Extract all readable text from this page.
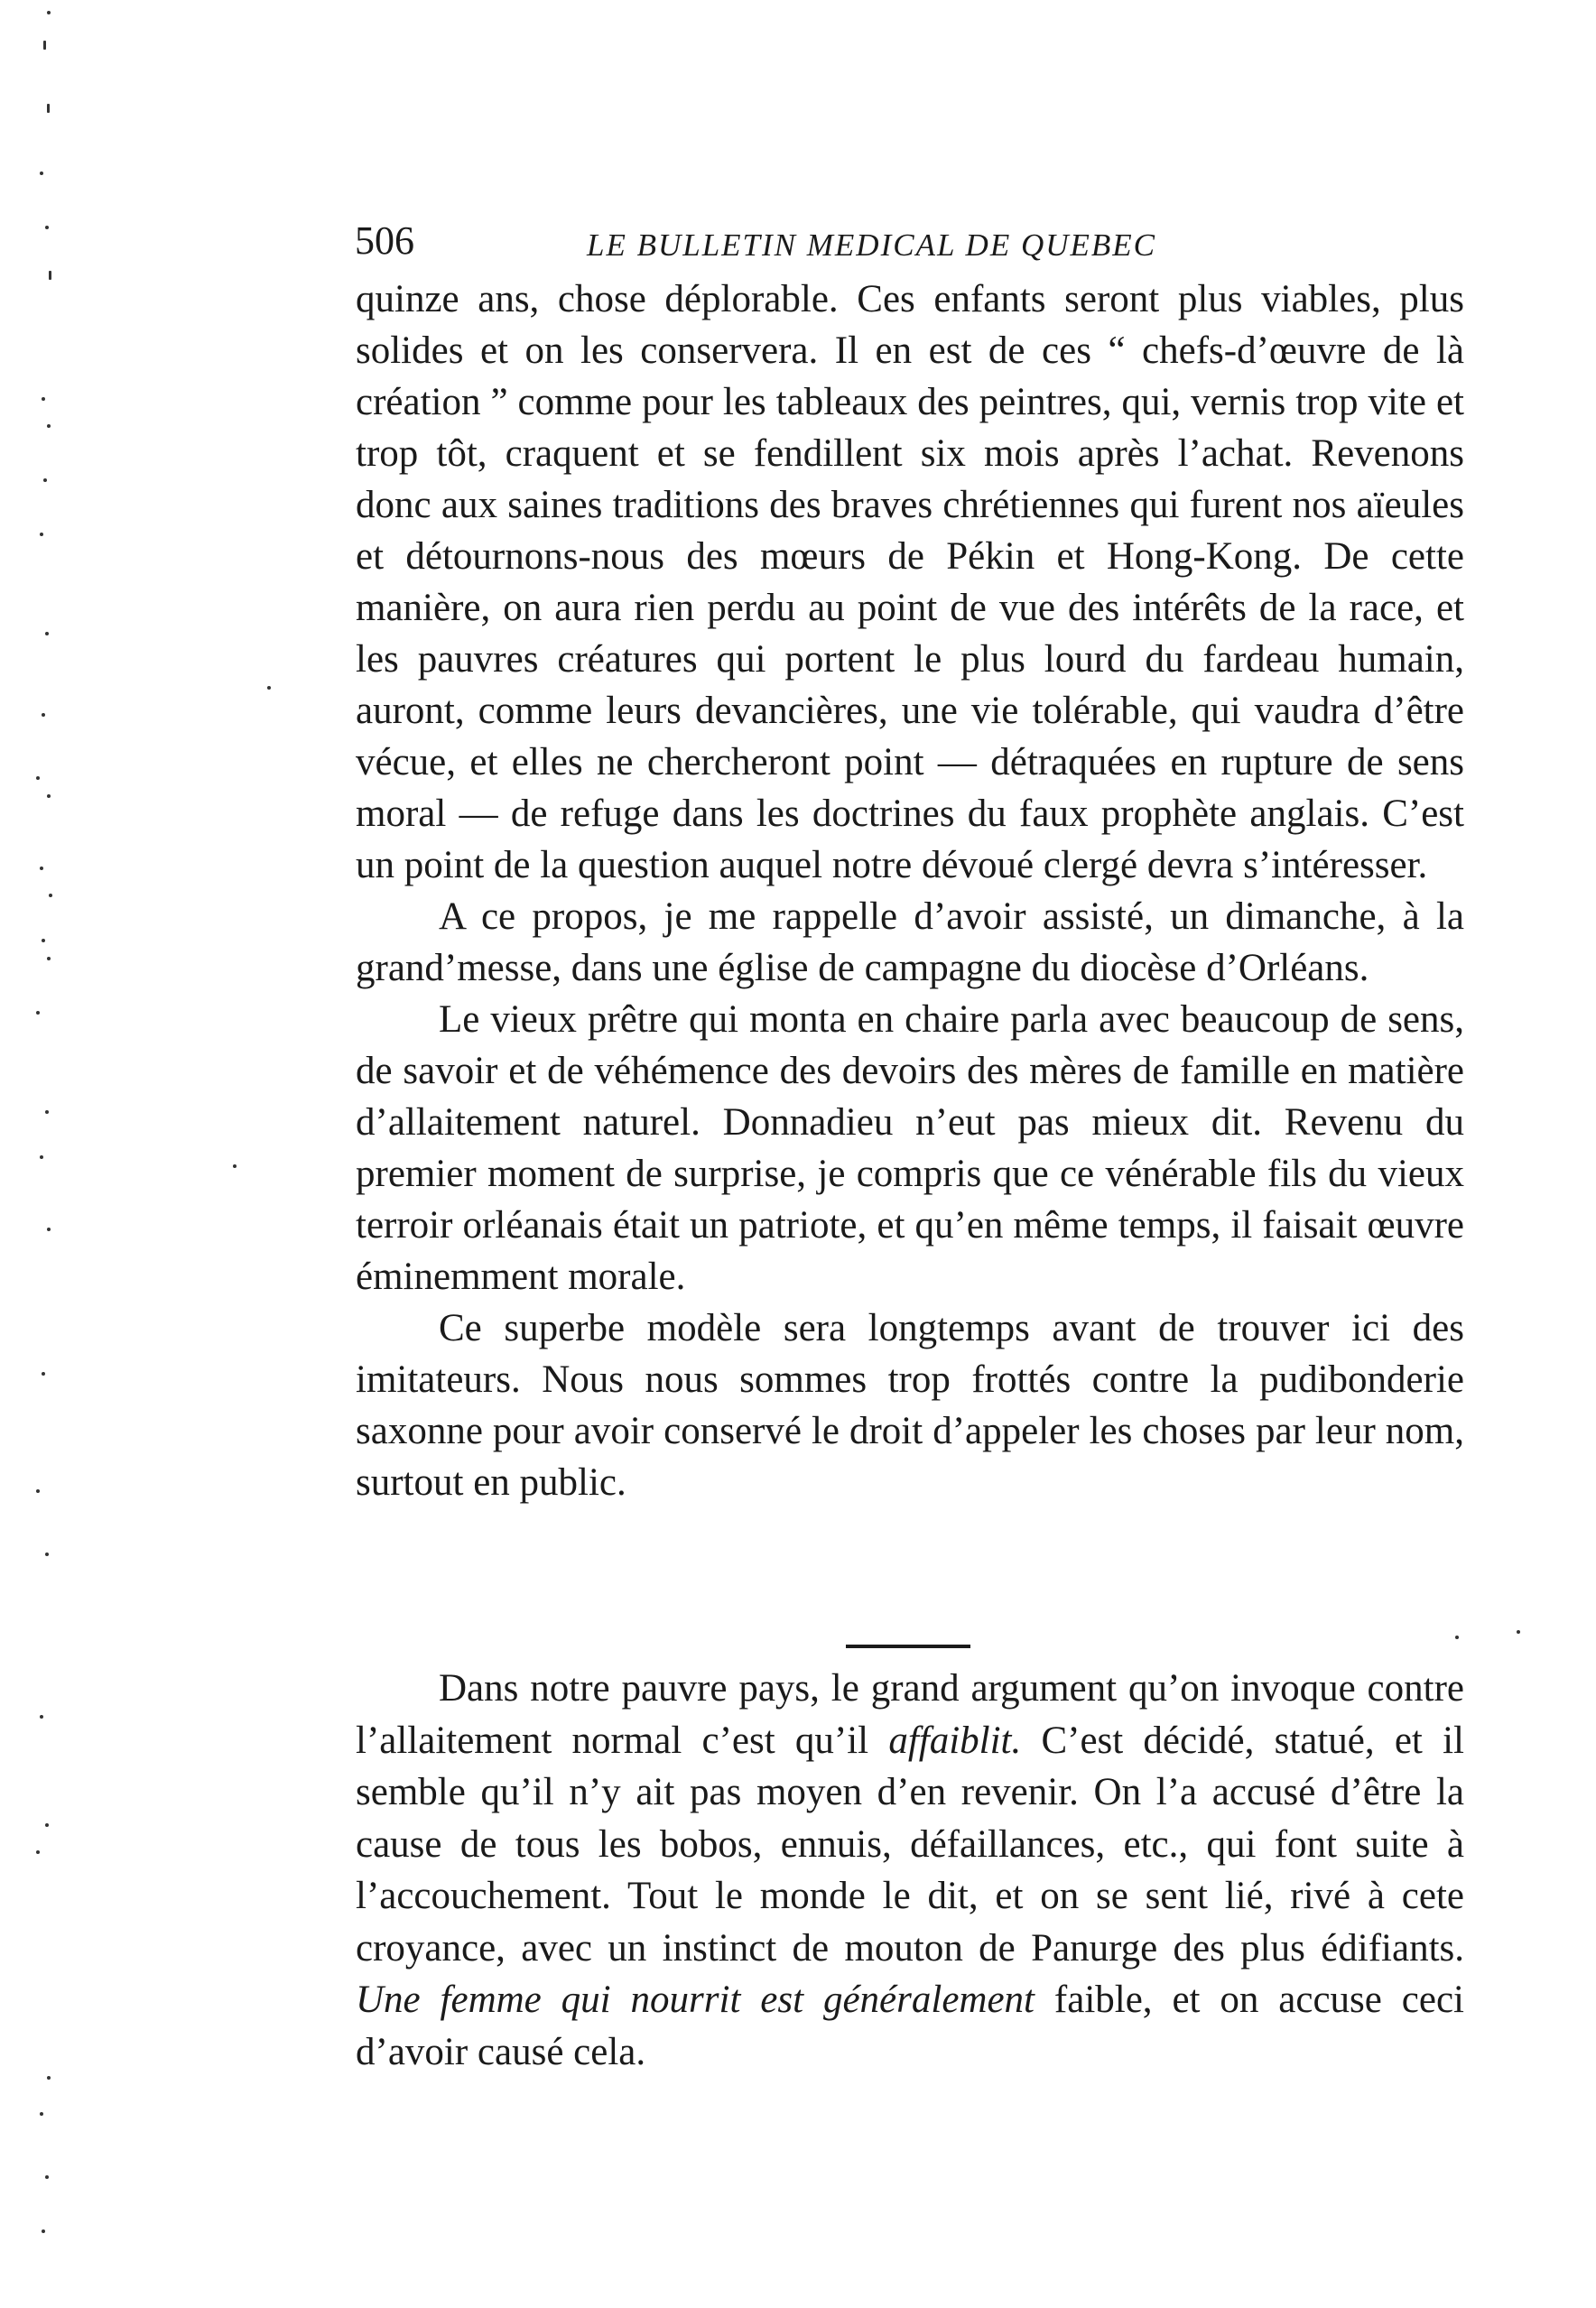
506	LE BULLETIN MEDICAL DE QUEBEC

quinze ans, chose déplorable. Ces enfants seront plus viables, plus solides et on les conservera. Il en est de ces “ chefs-d’œuvre de là création ” comme pour les tableaux des peintres, qui, vernis trop vite et trop tôt, craquent et se fendillent six mois après l’achat. Revenons donc aux saines traditions des braves chrétiennes qui furent nos aïeules et détournons-nous des mœurs de Pékin et Hong-Kong. De cette manière, on aura rien perdu au point de vue des intérêts de la race, et les pauvres créatures qui portent le plus lourd du fardeau humain, auront, comme leurs devancières, une vie tolérable, qui vaudra d’être vécue, et elles ne chercheront point — détraquées en rupture de sens moral — de refuge dans les doctrines du faux prophète anglais. C’est un point de la question auquel notre dévoué clergé devra s’intéresser.

A ce propos, je me rappelle d’avoir assisté, un dimanche, à la grand’messe, dans une église de campagne du diocèse d’Orléans.

Le vieux prêtre qui monta en chaire parla avec beaucoup de sens, de savoir et de véhémence des devoirs des mères de famille en matière d’allaitement naturel. Donnadieu n’eut pas mieux dit. Revenu du premier moment de surprise, je compris que ce vénérable fils du vieux terroir orléanais était un patriote, et qu’en même temps, il faisait œuvre éminemment morale.

Ce superbe modèle sera longtemps avant de trouver ici des imitateurs. Nous nous sommes trop frottés contre la pudibonderie saxonne pour avoir conservé le droit d’appeler les choses par leur nom, surtout en public.

Dans notre pauvre pays, le grand argument qu’on invoque contre l’allaitement normal c’est qu’il affaiblit. C’est décidé, statué, et il semble qu’il n’y ait pas moyen d’en revenir. On l’a accusé d’être la cause de tous les bobos, ennuis, défaillances, etc., qui font suite à l’accouchement. Tout le monde le dit, et on se sent lié, rivé à cete croyance, avec un instinct de mouton de Panurge des plus édifiants. Une femme qui nourrit est généralement faible, et on accuse ceci d’avoir causé cela.
